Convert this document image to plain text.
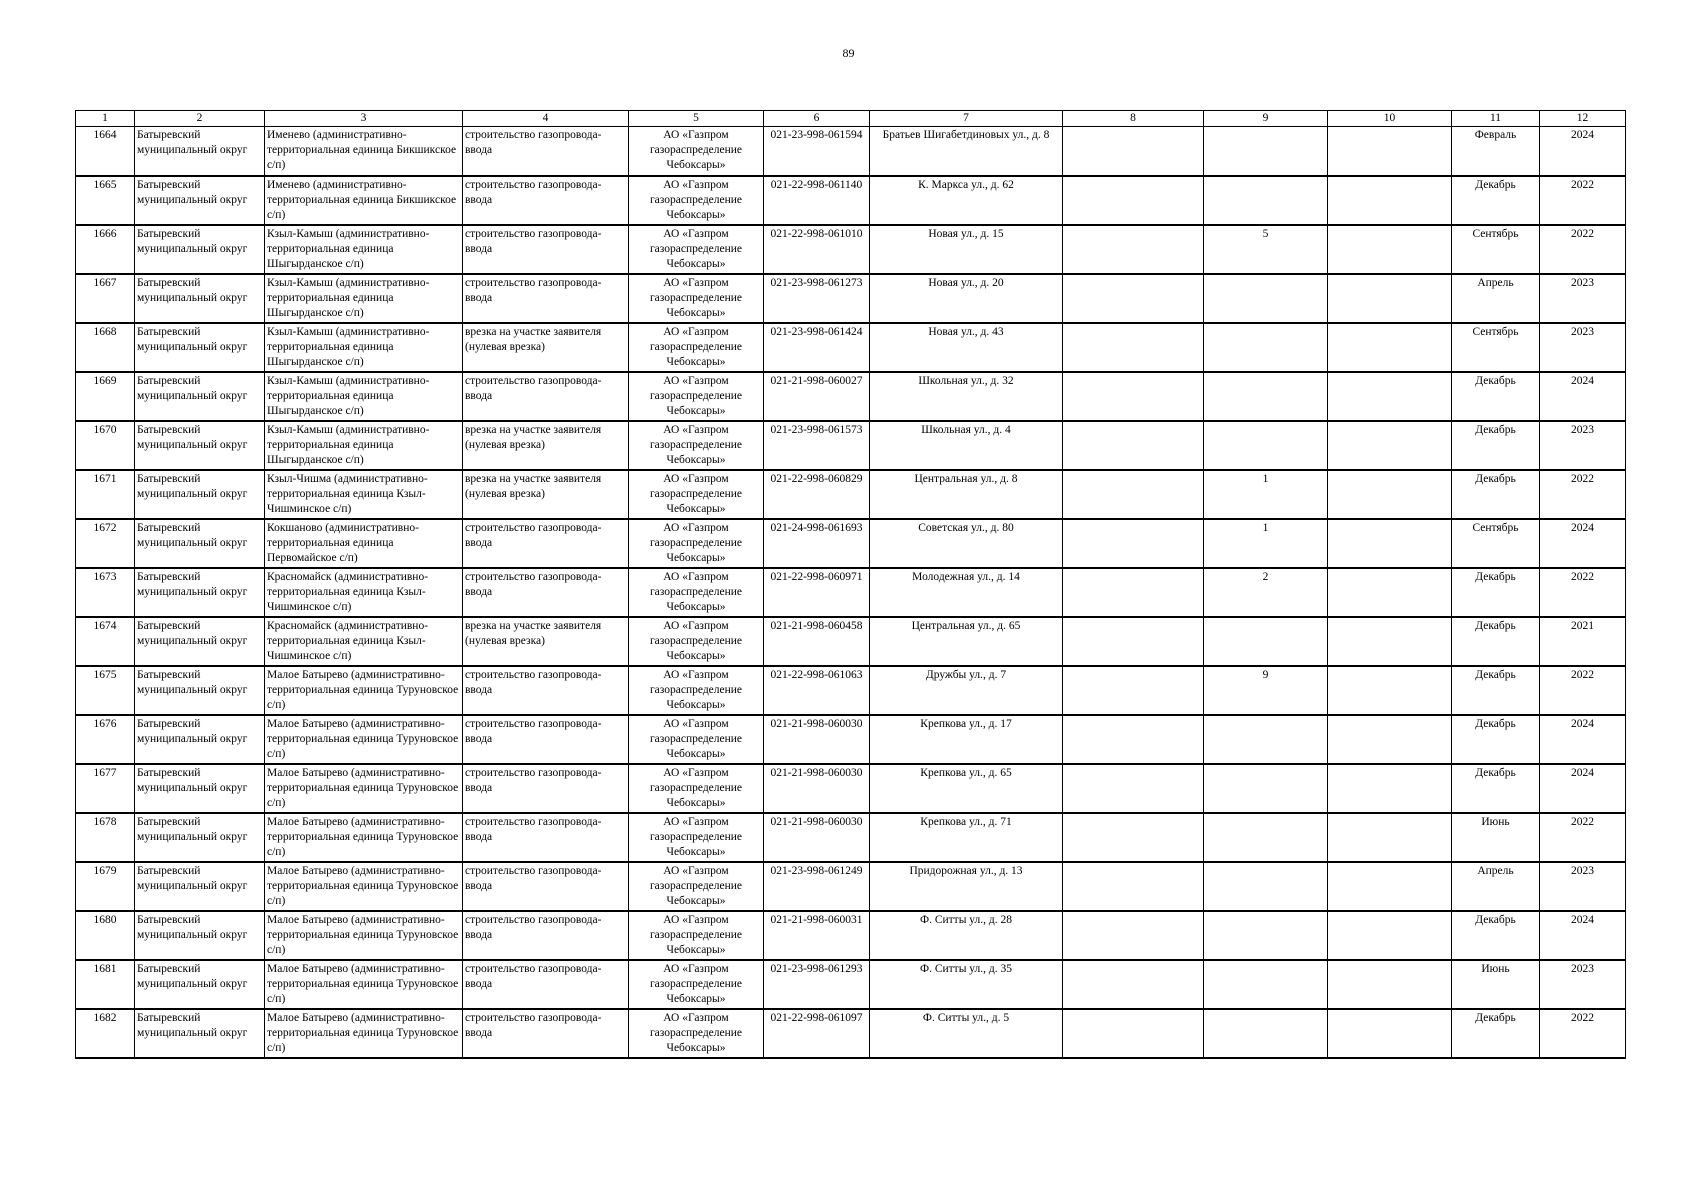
89
1	2	3	4	5	6	7	8	9	10	11	12
1664	Батыревский муниципальный округ	Именево (административно-территориальная единица Бикшикское с/п)	строительство газопровода-ввода	АО «Газпром газораспределение Чебоксары»	021-23-998-061594	Братьев Шигабетдиновых ул., д. 8				Февраль	2024
1665	Батыревский муниципальный округ	Именево (административно-территориальная единица Бикшикское с/п)	строительство газопровода-ввода	АО «Газпром газораспределение Чебоксары»	021-22-998-061140	К. Маркса ул., д. 62				Декабрь	2022
1666	Батыревский муниципальный округ	Кзыл-Камыш (административно-территориальная единица Шыгырданское с/п)	строительство газопровода-ввода	АО «Газпром газораспределение Чебоксары»	021-22-998-061010	Новая ул., д. 15		5		Сентябрь	2022
1667	Батыревский муниципальный округ	Кзыл-Камыш (административно-территориальная единица Шыгырданское с/п)	строительство газопровода-ввода	АО «Газпром газораспределение Чебоксары»	021-23-998-061273	Новая ул., д. 20				Апрель	2023
1668	Батыревский муниципальный округ	Кзыл-Камыш (административно-территориальная единица Шыгырданское с/п)	врезка на участке заявителя (нулевая врезка)	АО «Газпром газораспределение Чебоксары»	021-23-998-061424	Новая ул., д. 43				Сентябрь	2023
1669	Батыревский муниципальный округ	Кзыл-Камыш (административно-территориальная единица Шыгырданское с/п)	строительство газопровода-ввода	АО «Газпром газораспределение Чебоксары»	021-21-998-060027	Школьная ул., д. 32				Декабрь	2024
1670	Батыревский муниципальный округ	Кзыл-Камыш (административно-территориальная единица Шыгырданское с/п)	врезка на участке заявителя (нулевая врезка)	АО «Газпром газораспределение Чебоксары»	021-23-998-061573	Школьная ул., д. 4				Декабрь	2023
1671	Батыревский муниципальный округ	Кзыл-Чишма (административно-территориальная единица Кзыл-Чишминское с/п)	врезка на участке заявителя (нулевая врезка)	АО «Газпром газораспределение Чебоксары»	021-22-998-060829	Центральная ул., д. 8		1		Декабрь	2022
1672	Батыревский муниципальный округ	Кокшаново (административно-территориальная единица Первомайское с/п)	строительство газопровода-ввода	АО «Газпром газораспределение Чебоксары»	021-24-998-061693	Советская ул., д. 80		1		Сентябрь	2024
1673	Батыревский муниципальный округ	Красномайск (административно-территориальная единица Кзыл-Чишминское с/п)	строительство газопровода-ввода	АО «Газпром газораспределение Чебоксары»	021-22-998-060971	Молодежная ул., д. 14		2		Декабрь	2022
1674	Батыревский муниципальный округ	Красномайск (административно-территориальная единица Кзыл-Чишминское с/п)	врезка на участке заявителя (нулевая врезка)	АО «Газпром газораспределение Чебоксары»	021-21-998-060458	Центральная ул., д. 65				Декабрь	2021
1675	Батыревский муниципальный округ	Малое Батырево (административно-территориальная единица Туруновское с/п)	строительство газопровода-ввода	АО «Газпром газораспределение Чебоксары»	021-22-998-061063	Дружбы ул., д. 7		9		Декабрь	2022
1676	Батыревский муниципальный округ	Малое Батырево (административно-территориальная единица Туруновское с/п)	строительство газопровода-ввода	АО «Газпром газораспределение Чебоксары»	021-21-998-060030	Крепкова ул., д. 17				Декабрь	2024
1677	Батыревский муниципальный округ	Малое Батырево (административно-территориальная единица Туруновское с/п)	строительство газопровода-ввода	АО «Газпром газораспределение Чебоксары»	021-21-998-060030	Крепкова ул., д. 65				Декабрь	2024
1678	Батыревский муниципальный округ	Малое Батырево (административно-территориальная единица Туруновское с/п)	строительство газопровода-ввода	АО «Газпром газораспределение Чебоксары»	021-21-998-060030	Крепкова ул., д. 71				Июнь	2022
1679	Батыревский муниципальный округ	Малое Батырево (административно-территориальная единица Туруновское с/п)	строительство газопровода-ввода	АО «Газпром газораспределение Чебоксары»	021-23-998-061249	Придорожная ул., д. 13				Апрель	2023
1680	Батыревский муниципальный округ	Малое Батырево (административно-территориальная единица Туруновское с/п)	строительство газопровода-ввода	АО «Газпром газораспределение Чебоксары»	021-21-998-060031	Ф. Ситты ул., д. 28				Декабрь	2024
1681	Батыревский муниципальный округ	Малое Батырево (административно-территориальная единица Туруновское с/п)	строительство газопровода-ввода	АО «Газпром газораспределение Чебоксары»	021-23-998-061293	Ф. Ситты ул., д. 35				Июнь	2023
1682	Батыревский муниципальный округ	Малое Батырево (административно-территориальная единица Туруновское с/п)	строительство газопровода-ввода	АО «Газпром газораспределение Чебоксары»	021-22-998-061097	Ф. Ситты ул., д. 5				Декабрь	2022
